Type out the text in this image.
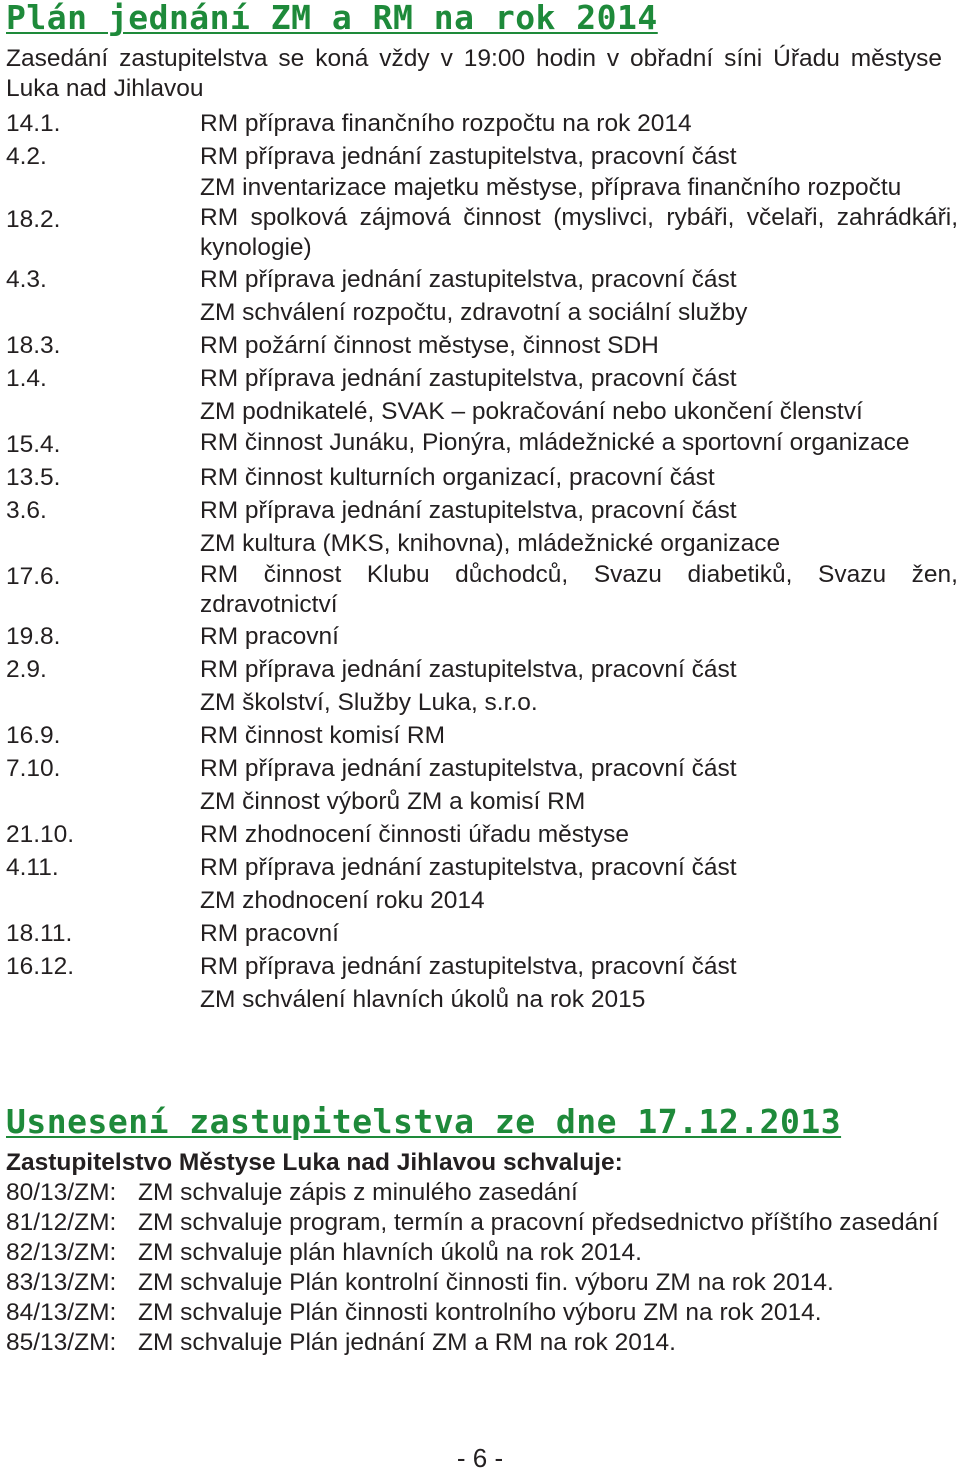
Plán jednání ZM a RM na rok 2014

Zasedání zastupitelstva se koná vždy v 19:00 hodin v obřadní síni Úřadu městyse Luka nad Jihlavou

14.1.	RM příprava finančního rozpočtu na rok 2014
4.2.	RM příprava jednání zastupitelstva, pracovní část
ZM inventarizace majetku městyse, příprava finančního rozpočtu
18.2.	RM spolková zájmová činnost (myslivci, rybáři, včelaři, zahrádkáři, kynologie)
4.3.	RM příprava jednání zastupitelstva, pracovní část
ZM schválení rozpočtu, zdravotní a sociální služby
18.3.	RM požární činnost městyse, činnost SDH
1.4.	RM příprava jednání zastupitelstva, pracovní část
ZM podnikatelé, SVAK – pokračování nebo ukončení členství
15.4.	RM činnost Junáku, Pionýra, mládežnické a sportovní organizace
13.5.	RM činnost kulturních organizací, pracovní část
3.6.	RM příprava jednání zastupitelstva, pracovní část
ZM kultura (MKS, knihovna), mládežnické organizace
17.6.	RM činnost Klubu důchodců, Svazu diabetiků, Svazu žen, zdravotnictví
19.8.	RM pracovní
2.9.	RM příprava jednání zastupitelstva, pracovní část
ZM školství, Služby Luka, s.r.o.
16.9.	RM činnost komisí RM
7.10.	RM příprava jednání zastupitelstva, pracovní část
ZM činnost výborů ZM a komisí RM
21.10.	RM zhodnocení činnosti úřadu městyse
4.11.	RM příprava jednání zastupitelstva, pracovní část
ZM zhodnocení roku 2014
18.11.	RM pracovní
16.12.	RM příprava jednání zastupitelstva, pracovní část
ZM schválení hlavních úkolů na rok 2015
Usnesení zastupitelstva ze dne 17.12.2013
Zastupitelstvo Městyse Luka nad Jihlavou schvaluje:
80/13/ZM: ZM schvaluje zápis z minulého zasedání
81/12/ZM: ZM schvaluje program, termín a pracovní předsednictvo příštího zasedání
82/13/ZM: ZM schvaluje plán hlavních úkolů na rok 2014.
83/13/ZM: ZM schvaluje Plán kontrolní činnosti fin. výboru ZM na rok 2014.
84/13/ZM: ZM schvaluje Plán činnosti kontrolního výboru ZM na rok 2014.
85/13/ZM: ZM schvaluje Plán jednání ZM a RM na rok 2014.
- 6 -
